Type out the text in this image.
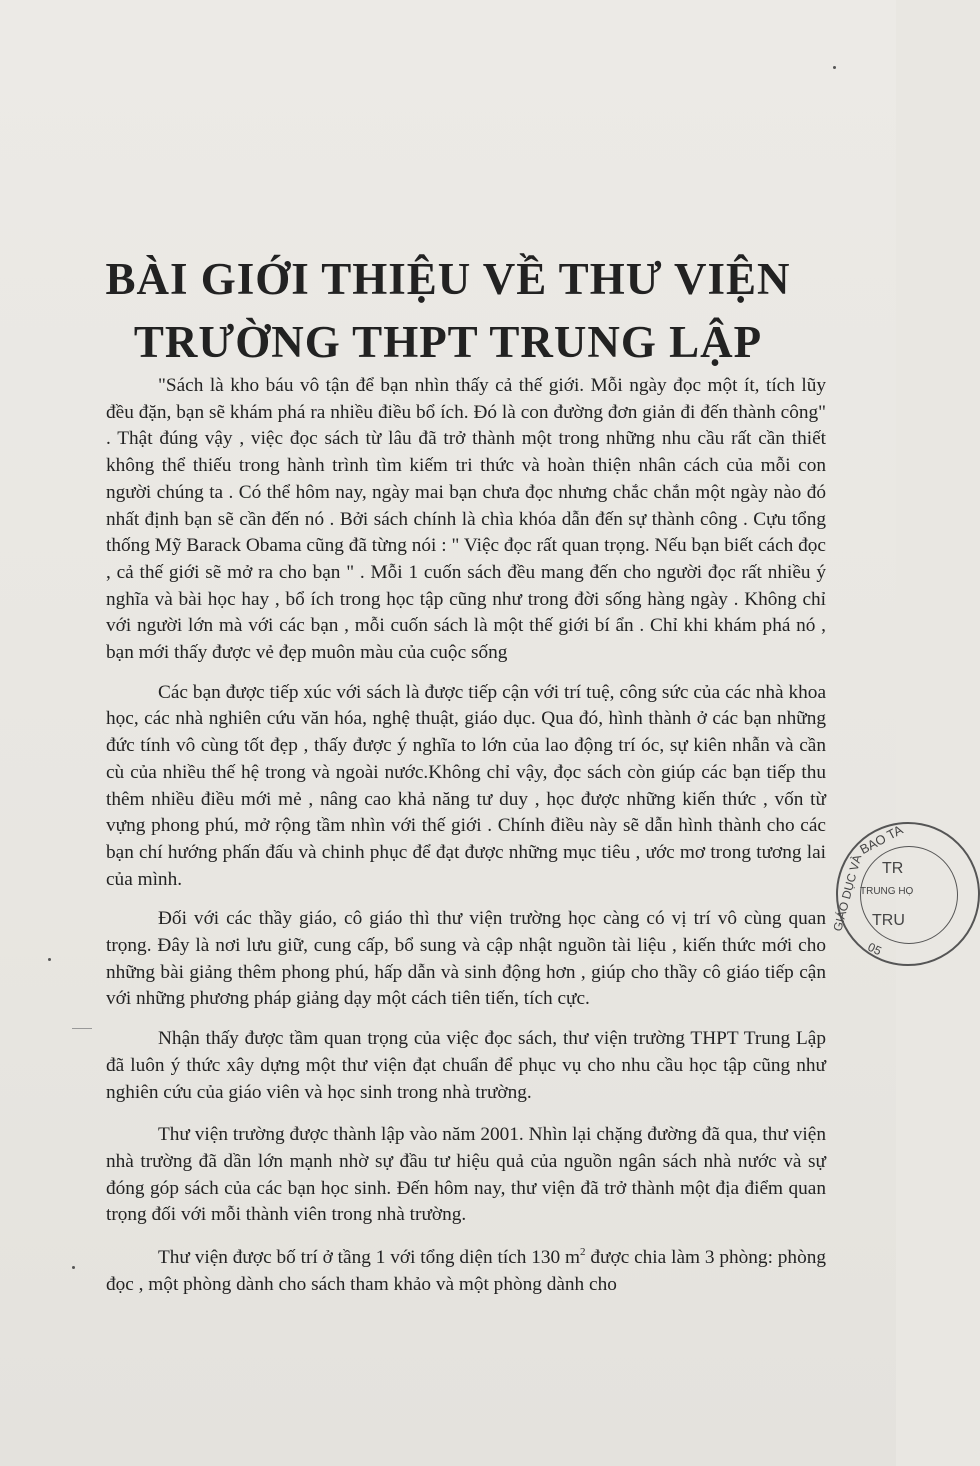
BÀI GIỚI THIỆU VỀ THƯ VIỆN
TRƯỜNG THPT TRUNG LẬP

"Sách là kho báu vô tận để bạn nhìn thấy cả thế giới. Mỗi ngày đọc một ít, tích lũy đều đặn, bạn sẽ khám phá ra nhiều điều bổ ích. Đó là con đường đơn giản đi đến thành công" . Thật đúng vậy , việc đọc sách từ lâu đã trở thành một trong những nhu cầu rất cần thiết không thể thiếu trong hành trình tìm kiếm tri thức và hoàn thiện nhân cách của mỗi con người chúng ta . Có thể hôm nay, ngày mai bạn chưa đọc nhưng chắc chắn một ngày nào đó nhất định bạn sẽ cần đến nó . Bởi sách chính là chìa khóa dẫn đến sự thành công . Cựu tổng thống Mỹ Barack Obama cũng đã từng nói : " Việc đọc rất quan trọng. Nếu bạn biết cách đọc , cả thế giới sẽ mở ra cho bạn " . Mỗi 1 cuốn sách đều mang đến cho người đọc rất nhiều ý nghĩa và bài học hay , bổ ích trong học tập cũng như trong đời sống hàng ngày . Không chỉ với người lớn mà với các bạn , mỗi cuốn sách là một thế giới bí ẩn . Chỉ khi khám phá nó , bạn mới thấy được vẻ đẹp muôn màu của cuộc sống

Các bạn được tiếp xúc với sách là được tiếp cận với trí tuệ, công sức của các nhà khoa học, các nhà nghiên cứu văn hóa, nghệ thuật, giáo dục. Qua đó, hình thành ở các bạn những đức tính vô cùng tốt đẹp , thấy được ý nghĩa to lớn của lao động trí óc, sự kiên nhẫn và cần cù của nhiều thế hệ trong và ngoài nước.Không chỉ vậy, đọc sách còn giúp các bạn tiếp thu thêm nhiều điều mới mẻ , nâng cao khả năng tư duy , học được những kiến thức , vốn từ vựng phong phú, mở rộng tầm nhìn với thế giới . Chính điều này sẽ dẫn hình thành cho các bạn chí hướng phấn đấu và chinh phục để đạt được những mục tiêu , ước mơ trong tương lai của mình.

Đối với các thầy giáo, cô giáo thì thư viện trường học càng có vị trí vô cùng quan trọng. Đây là nơi lưu giữ, cung cấp, bổ sung và cập nhật nguồn tài liệu , kiến thức mới cho những bài giảng thêm phong phú, hấp dẫn và sinh động hơn , giúp cho thầy cô giáo tiếp cận với những phương pháp giảng dạy một cách tiên tiến, tích cực.

Nhận thấy được tầm quan trọng của việc đọc sách, thư viện trường THPT Trung Lập đã luôn ý thức xây dựng một thư viện đạt chuẩn để phục vụ cho nhu cầu học tập cũng như nghiên cứu của giáo viên và học sinh trong nhà trường.

Thư viện trường được thành lập vào năm 2001. Nhìn lại chặng đường đã qua, thư viện nhà trường đã dần lớn mạnh nhờ sự đầu tư hiệu quả của nguồn ngân sách nhà nước và sự đóng góp sách của các bạn học sinh. Đến hôm nay, thư viện đã trở thành một địa điểm quan trọng đối với mỗi thành viên trong nhà trường.

Thư viện được bố trí ở tầng 1 với tổng diện tích 130 $m^2$ được chia làm 3 phòng: phòng đọc , một phòng dành cho sách tham khảo và một phòng dành cho

BAO TA
GIÁO DỤC VÀ TR
TRUNG HỌ
TRU
05
